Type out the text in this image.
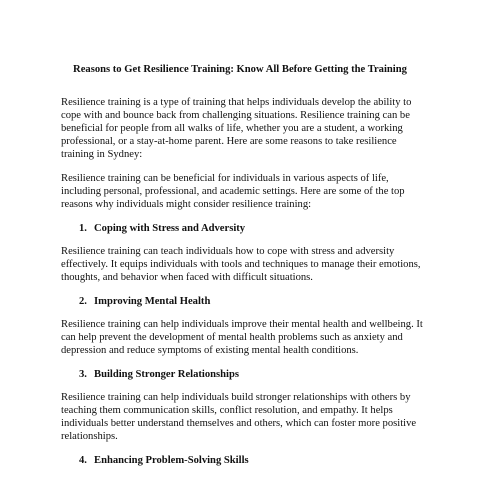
Reasons to Get Resilience Training: Know All Before Getting the Training

Resilience training is a type of training that helps individuals develop the ability to cope with and bounce back from challenging situations. Resilience training can be beneficial for people from all walks of life, whether you are a student, a working professional, or a stay-at-home parent. Here are some reasons to take resilience training in Sydney:

Resilience training can be beneficial for individuals in various aspects of life, including personal, professional, and academic settings. Here are some of the top reasons why individuals might consider resilience training:

1. Coping with Stress and Adversity

Resilience training can teach individuals how to cope with stress and adversity effectively. It equips individuals with tools and techniques to manage their emotions, thoughts, and behavior when faced with difficult situations.

2. Improving Mental Health

Resilience training can help individuals improve their mental health and wellbeing. It can help prevent the development of mental health problems such as anxiety and depression and reduce symptoms of existing mental health conditions.

3. Building Stronger Relationships

Resilience training can help individuals build stronger relationships with others by teaching them communication skills, conflict resolution, and empathy. It helps individuals better understand themselves and others, which can foster more positive relationships.

4. Enhancing Problem-Solving Skills
